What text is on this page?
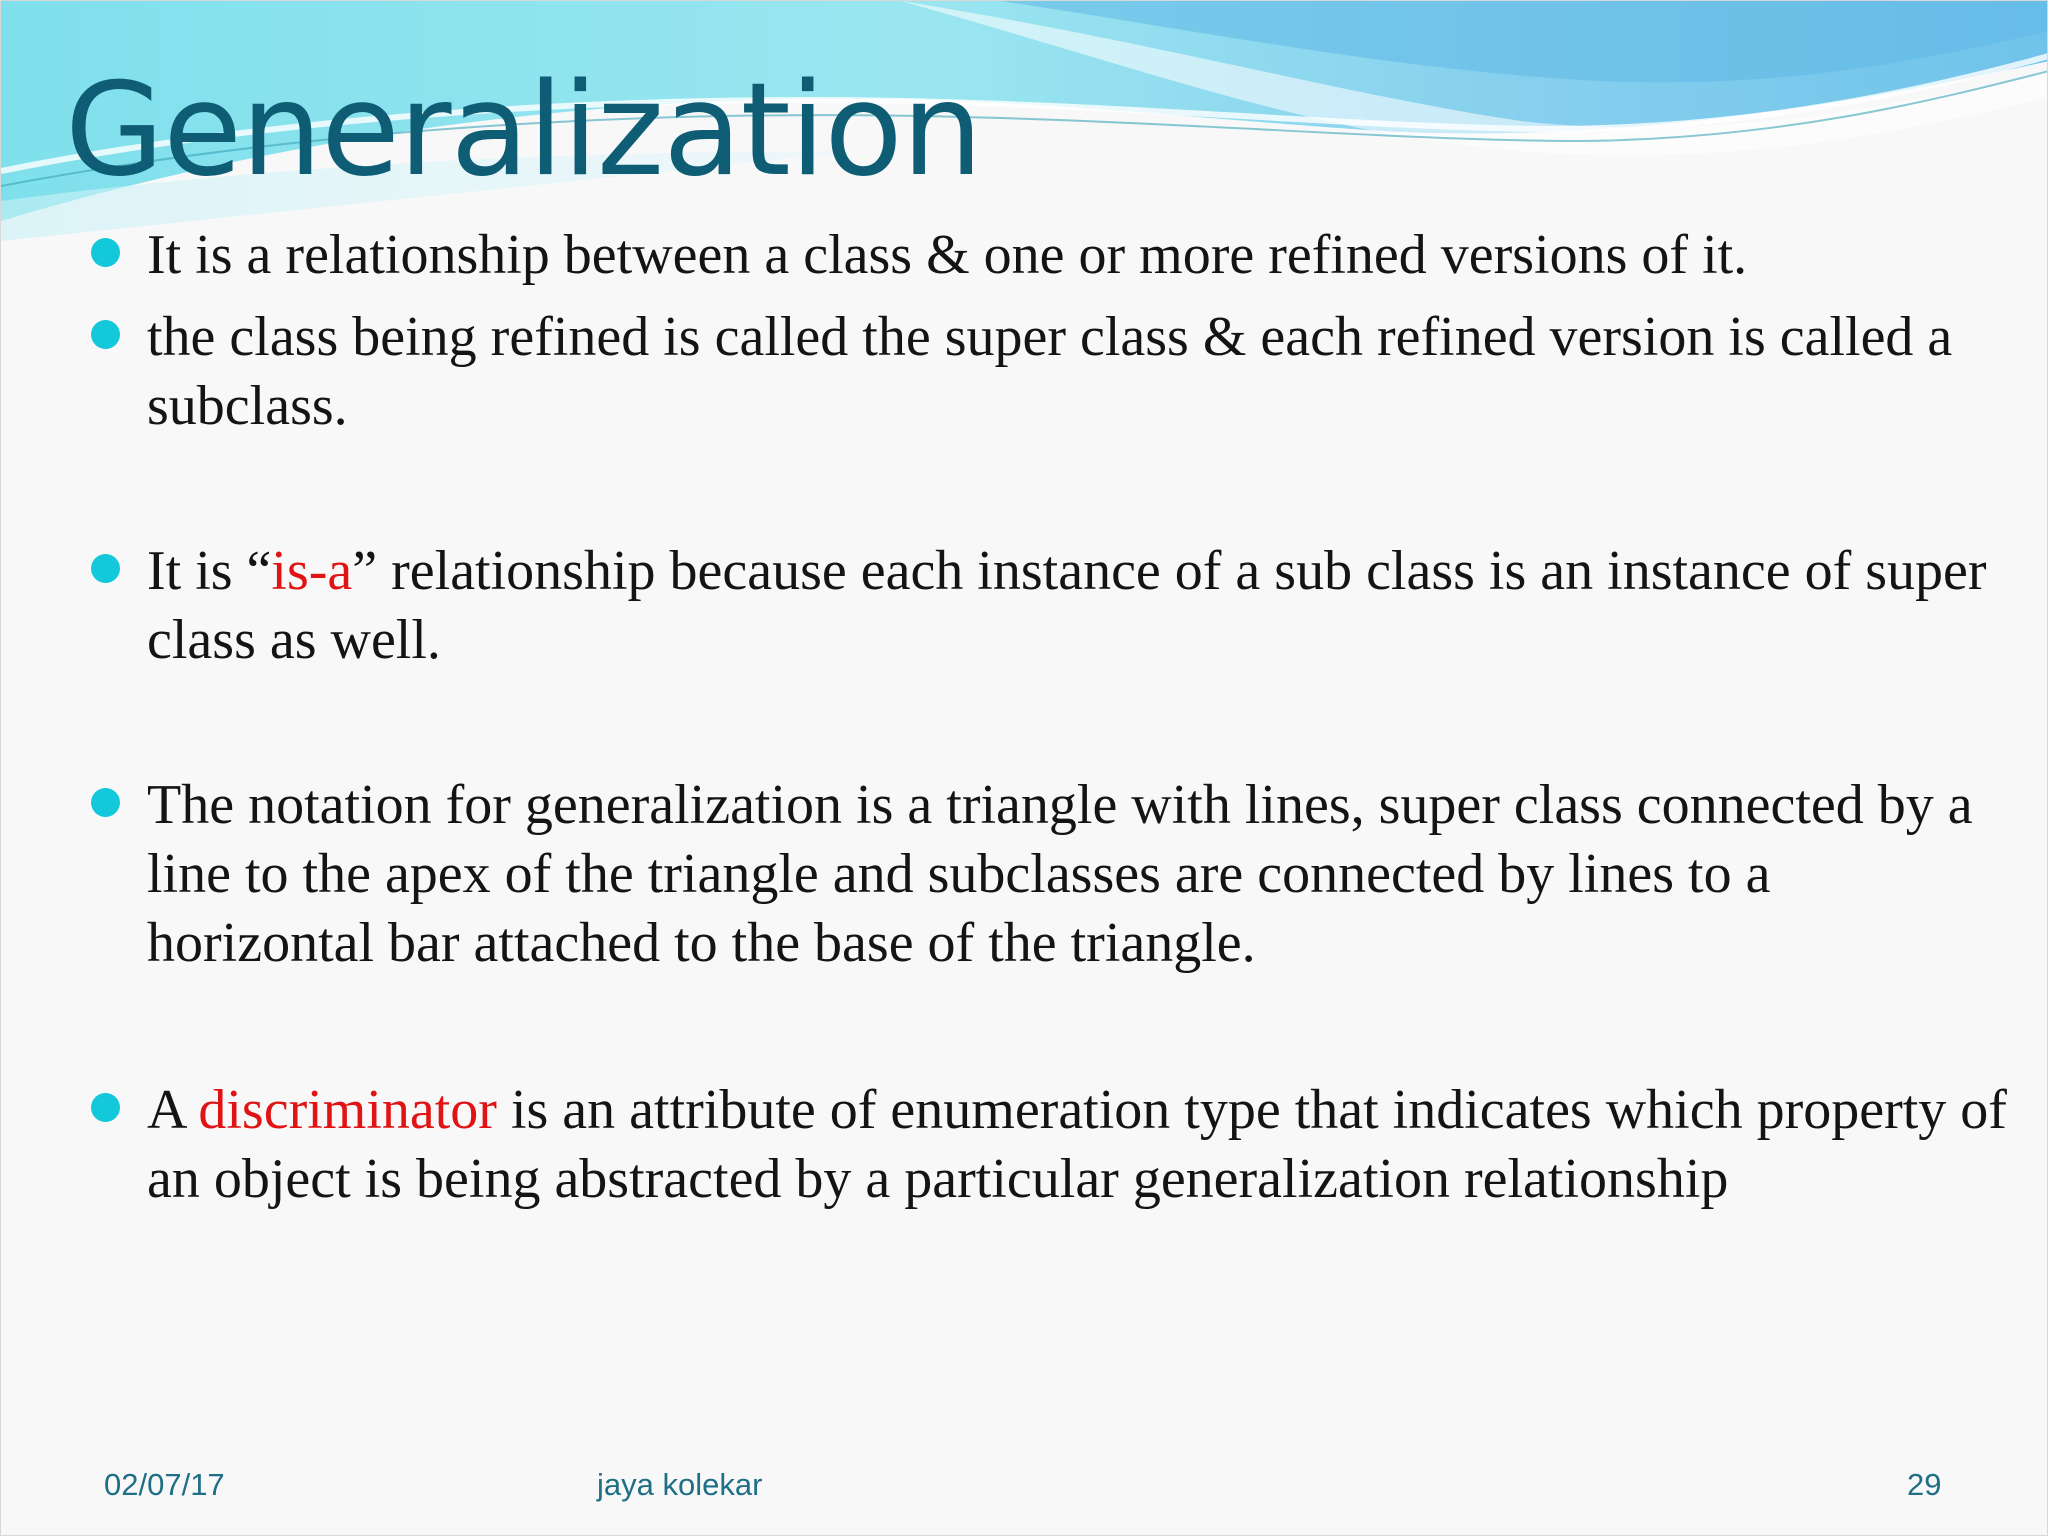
Generalization
It is a relationship between a class & one or more refined versions of it.
the class being refined is called the super class & each refined version is called a subclass.
It is “is-a” relationship because each instance of a sub class is an instance of super class as well.
The notation for generalization is a triangle with lines, super class connected by a line to the apex of the triangle and subclasses are connected by lines to a horizontal bar attached to the base of the triangle.
A discriminator is an attribute of enumeration type that indicates which property of an object is being abstracted by a particular generalization relationship
02/07/17	jaya kolekar	29
